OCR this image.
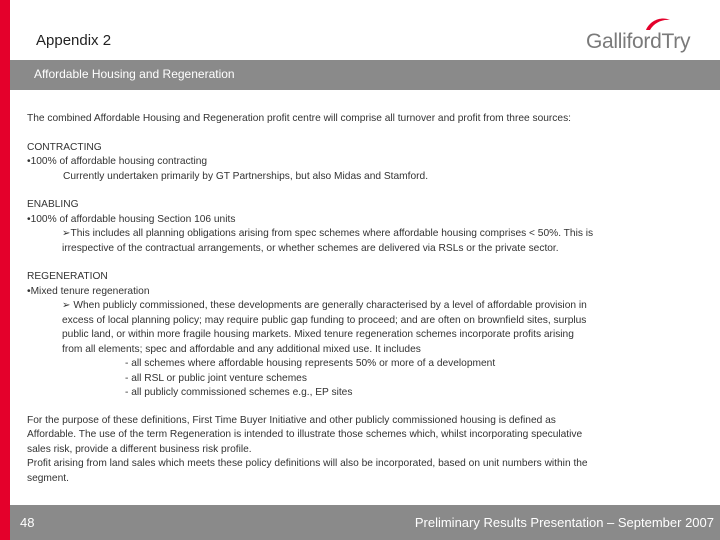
Appendix 2	GallifordTry
Affordable Housing and Regeneration

The combined Affordable Housing and Regeneration profit centre will comprise all turnover and profit from three sources:

CONTRACTING

•100% of affordable housing contracting

Currently undertaken primarily by GT Partnerships, but also Midas and Stamford.

ENABLING

•100% of affordable housing Section 106 units

➢This includes all planning obligations arising from spec schemes where affordable housing comprises < 50%. This is

irrespective of the contractual arrangements, or whether schemes are delivered via RSLs or the private sector.

REGENERATION

•Mixed tenure regeneration

➢ When publicly commissioned, these developments are generally characterised by a level of affordable provision in

excess of local planning policy; may require public gap funding to proceed; and are often on brownfield sites, surplus

public land, or within more fragile housing markets. Mixed tenure regeneration schemes incorporate profits arising

from all elements; spec and affordable and any additional mixed use. It includes

- all schemes where affordable housing represents 50% or more of a development

- all RSL or public joint venture schemes

- all publicly commissioned schemes e.g., EP sites

For the purpose of these definitions, First Time Buyer Initiative and other publicly commissioned housing is defined as

Affordable. The use of the term Regeneration is intended to illustrate those schemes which, whilst incorporating speculative

sales risk, provide a different business risk profile.

Profit arising from land sales which meets these policy definitions will also be incorporated, based on unit numbers within the

segment.

48	Preliminary Results Presentation – September 2007
